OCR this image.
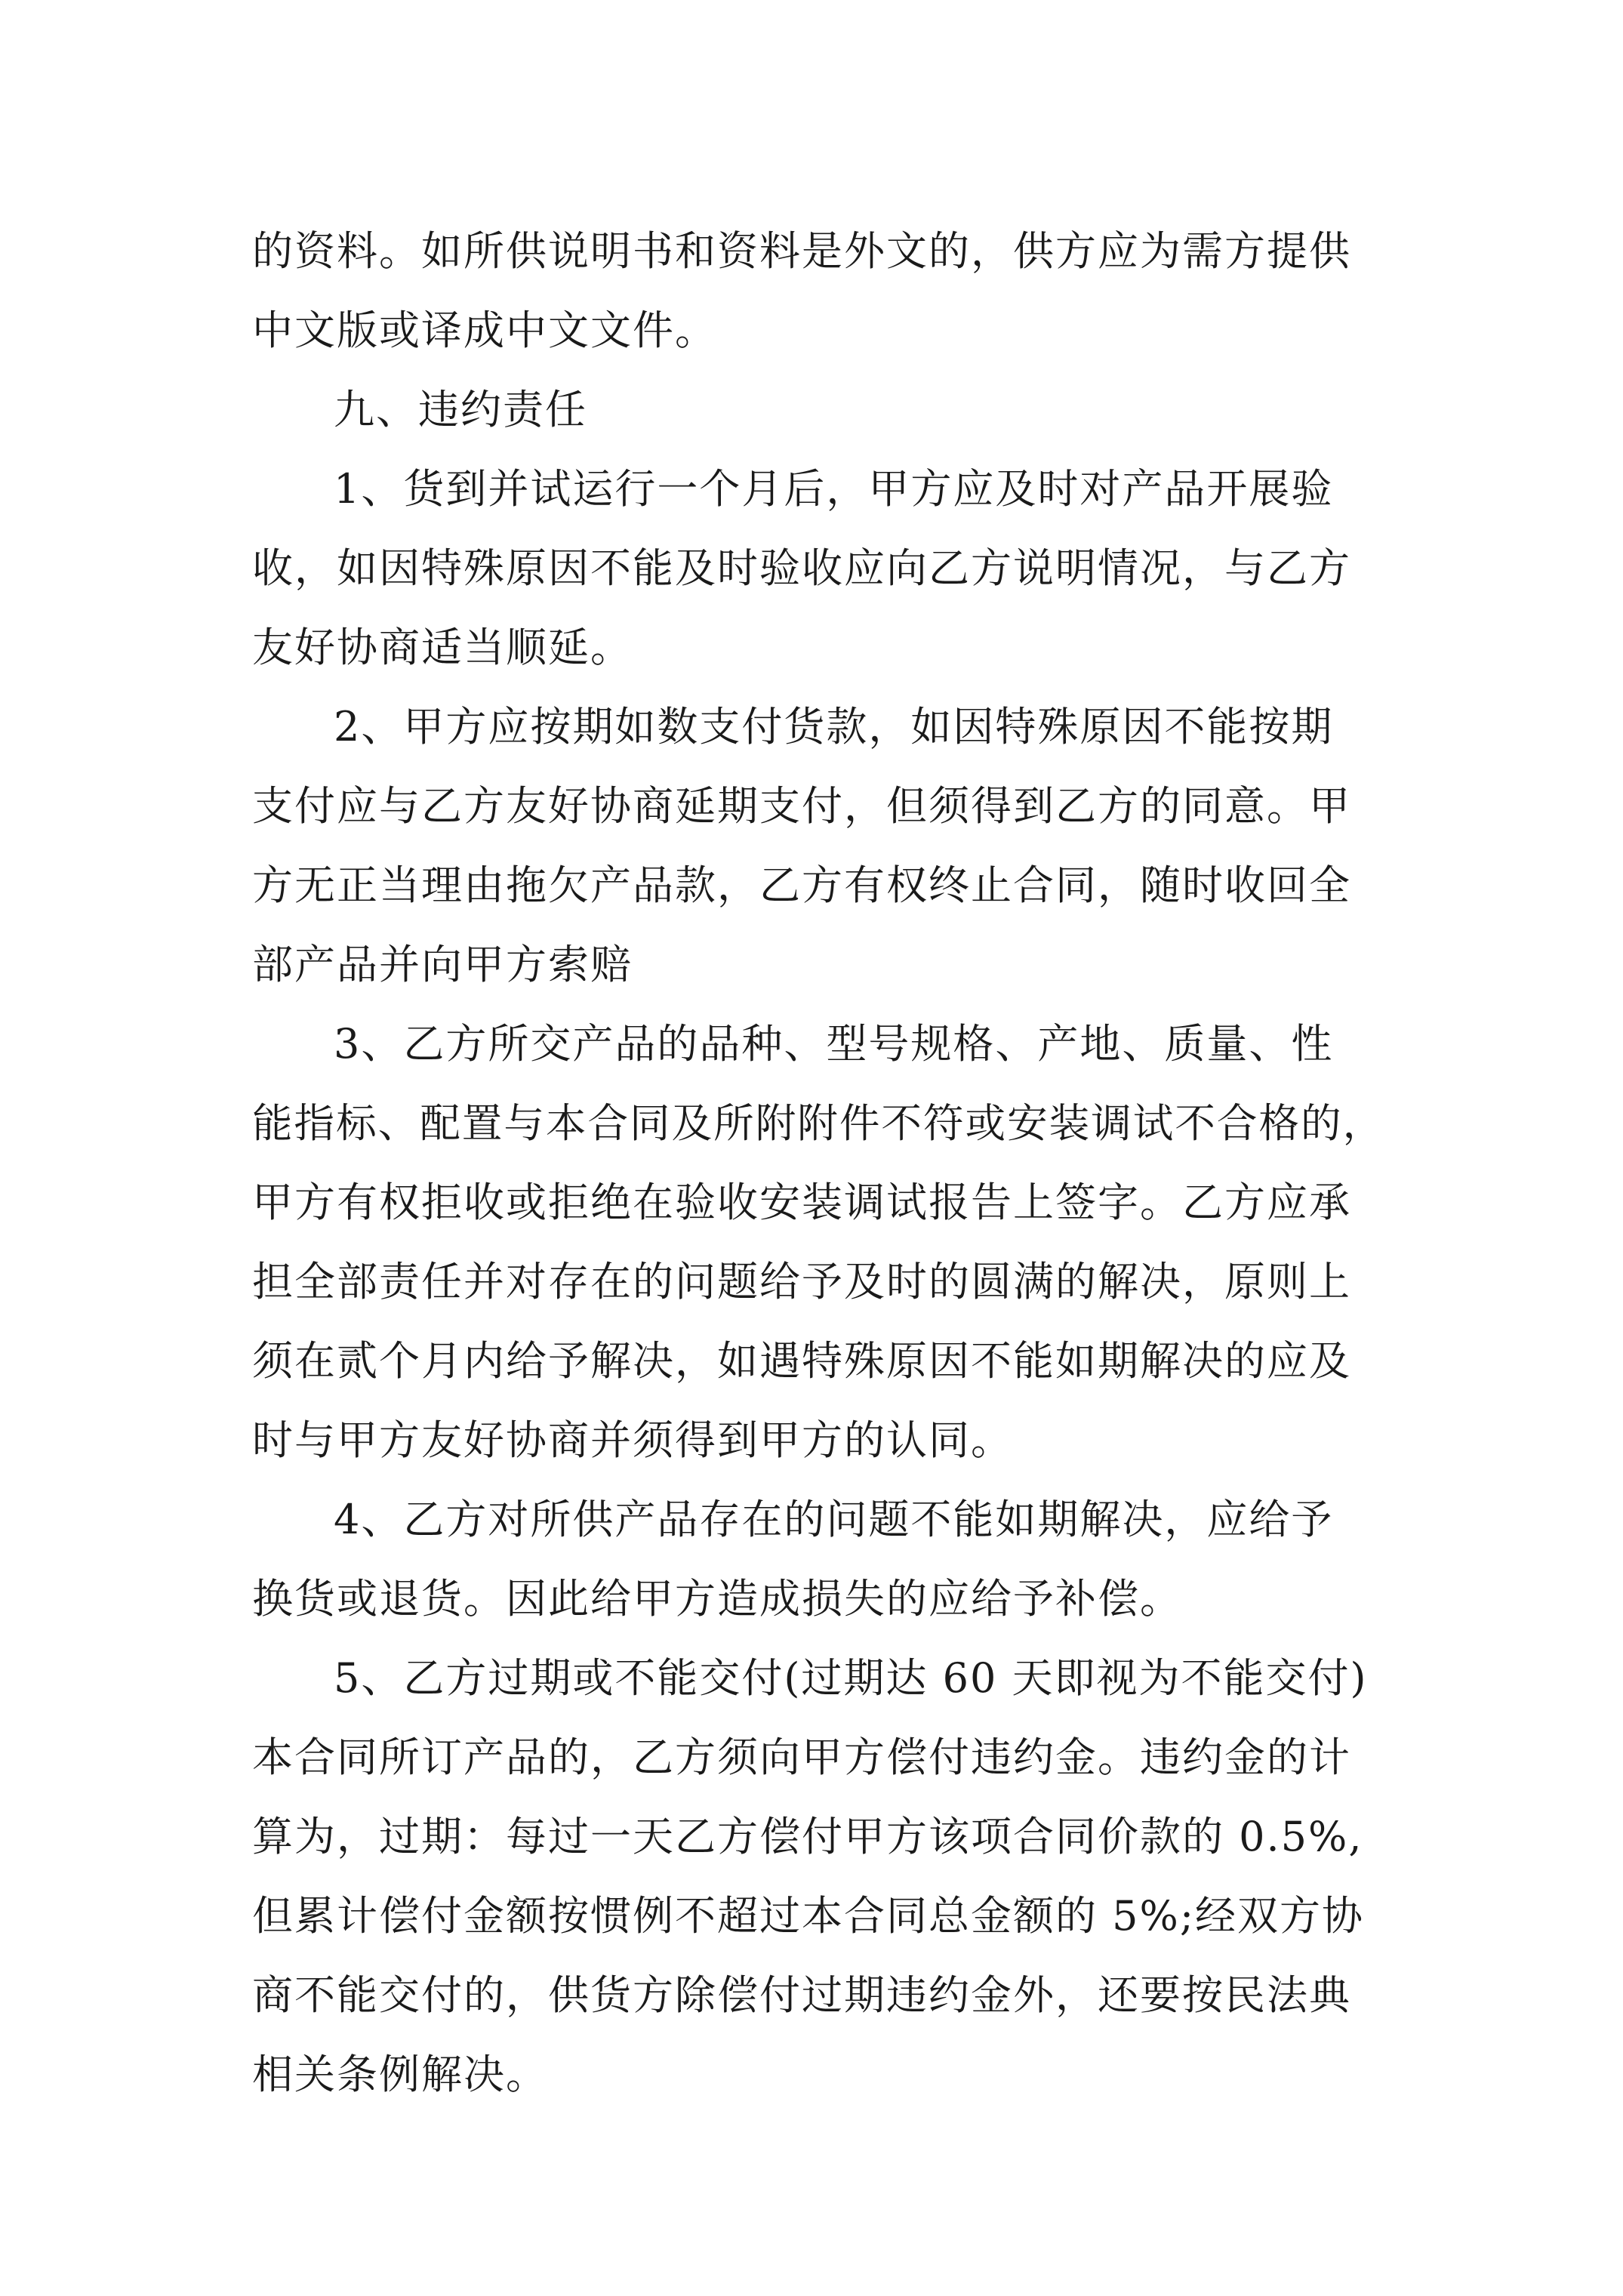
的资料。如所供说明书和资料是外文的，供方应为需方提供
中文版或译成中文文件。
九、违约责任
1、货到并试运行一个月后，甲方应及时对产品开展验
收，如因特殊原因不能及时验收应向乙方说明情况，与乙方
友好协商适当顺延。
2、甲方应按期如数支付货款，如因特殊原因不能按期
支付应与乙方友好协商延期支付，但须得到乙方的同意。甲
方无正当理由拖欠产品款，乙方有权终止合同，随时收回全
部产品并向甲方索赔
3、乙方所交产品的品种、型号规格、产地、质量、性
能指标、配置与本合同及所附附件不符或安装调试不合格的，
甲方有权拒收或拒绝在验收安装调试报告上签字。乙方应承
担全部责任并对存在的问题给予及时的圆满的解决，原则上
须在贰个月内给予解决，如遇特殊原因不能如期解决的应及
时与甲方友好协商并须得到甲方的认同。
4、乙方对所供产品存在的问题不能如期解决，应给予
换货或退货。因此给甲方造成损失的应给予补偿。
5、乙方过期或不能交付(过期达 60 天即视为不能交付)
本合同所订产品的，乙方须向甲方偿付违约金。违约金的计
算为，过期：每过一天乙方偿付甲方该项合同价款的 0.5%,
但累计偿付金额按惯例不超过本合同总金额的 5%;经双方协
商不能交付的，供货方除偿付过期违约金外，还要按民法典
相关条例解决。
